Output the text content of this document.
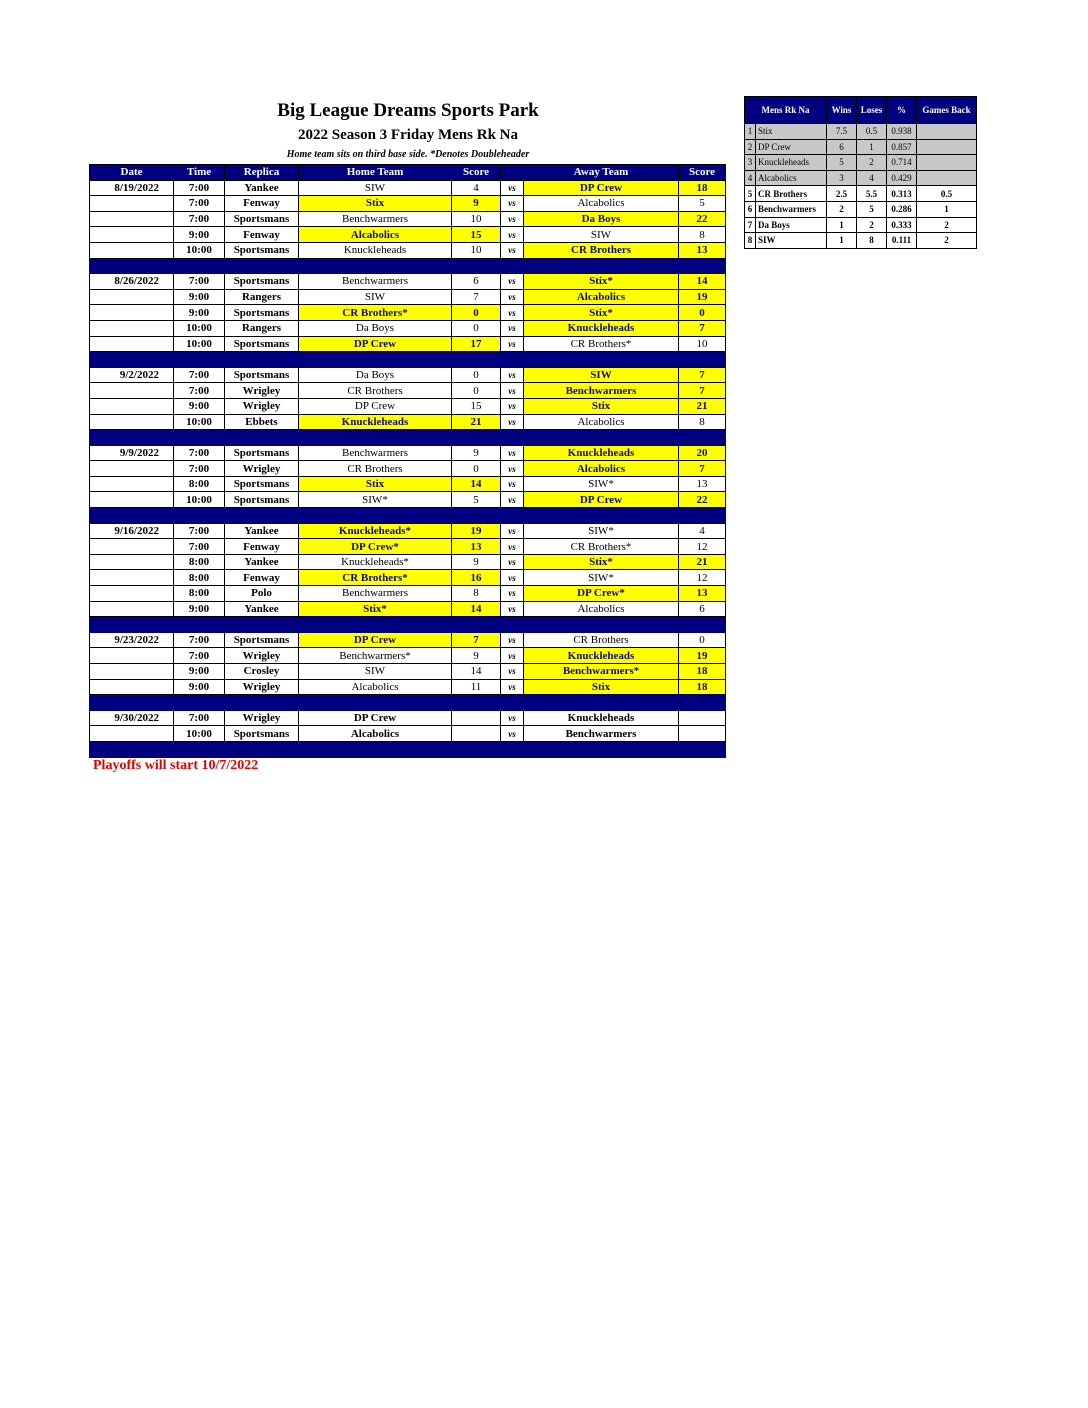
Big League Dreams Sports Park
2022 Season 3 Friday Mens Rk Na
Home team sits on third base side. *Denotes Doubleheader
Date	Time	Replica	Home Team	Score		Away Team	Score
8/19/2022	7:00	Yankee	SIW	4	vs	DP Crew	18
	7:00	Fenway	Stix	9	vs	Alcabolics	5
	7:00	Sportsmans	Benchwarmers	10	vs	Da Boys	22
	9:00	Fenway	Alcabolics	15	vs	SIW	8
	10:00	Sportsmans	Knuckleheads	10	vs	CR Brothers	13

8/26/2022	7:00	Sportsmans	Benchwarmers	6	vs	Stix*	14
	9:00	Rangers	SIW	7	vs	Alcabolics	19
	9:00	Sportsmans	CR Brothers*	0	vs	Stix*	0
	10:00	Rangers	Da Boys	0	vs	Knuckleheads	7
	10:00	Sportsmans	DP Crew	17	vs	CR Brothers*	10

9/2/2022	7:00	Sportsmans	Da Boys	0	vs	SIW	7
	7:00	Wrigley	CR Brothers	0	vs	Benchwarmers	7
	9:00	Wrigley	DP Crew	15	vs	Stix	21
	10:00	Ebbets	Knuckleheads	21	vs	Alcabolics	8

9/9/2022	7:00	Sportsmans	Benchwarmers	9	vs	Knuckleheads	20
	7:00	Wrigley	CR Brothers	0	vs	Alcabolics	7
	8:00	Sportsmans	Stix	14	vs	SIW*	13
	10:00	Sportsmans	SIW*	5	vs	DP Crew	22

9/16/2022	7:00	Yankee	Knuckleheads*	19	vs	SIW*	4
	7:00	Fenway	DP Crew*	13	vs	CR Brothers*	12
	8:00	Yankee	Knuckleheads*	9	vs	Stix*	21
	8:00	Fenway	CR Brothers*	16	vs	SIW*	12
	8:00	Polo	Benchwarmers	8	vs	DP Crew*	13
	9:00	Yankee	Stix*	14	vs	Alcabolics	6

9/23/2022	7:00	Sportsmans	DP Crew	7	vs	CR Brothers	0
	7:00	Wrigley	Benchwarmers*	9	vs	Knuckleheads	19
	9:00	Crosley	SIW	14	vs	Benchwarmers*	18
	9:00	Wrigley	Alcabolics	11	vs	Stix	18

9/30/2022	7:00	Wrigley	DP Crew		vs	Knuckleheads	
	10:00	Sportsmans	Alcabolics		vs	Benchwarmers	

Mens Rk Na		Wins	Loses	%	Games Back
1	Stix	7.5	0.5	0.938	
2	DP Crew	6	1	0.857	
3	Knuckleheads	5	2	0.714	
4	Alcabolics	3	4	0.429	
5	CR Brothers	2.5	5.5	0.313	0.5
6	Benchwarmers	2	5	0.286	1
7	Da Boys	1	2	0.333	2
8	SIW	1	8	0.111	2
Playoffs will start 10/7/2022
